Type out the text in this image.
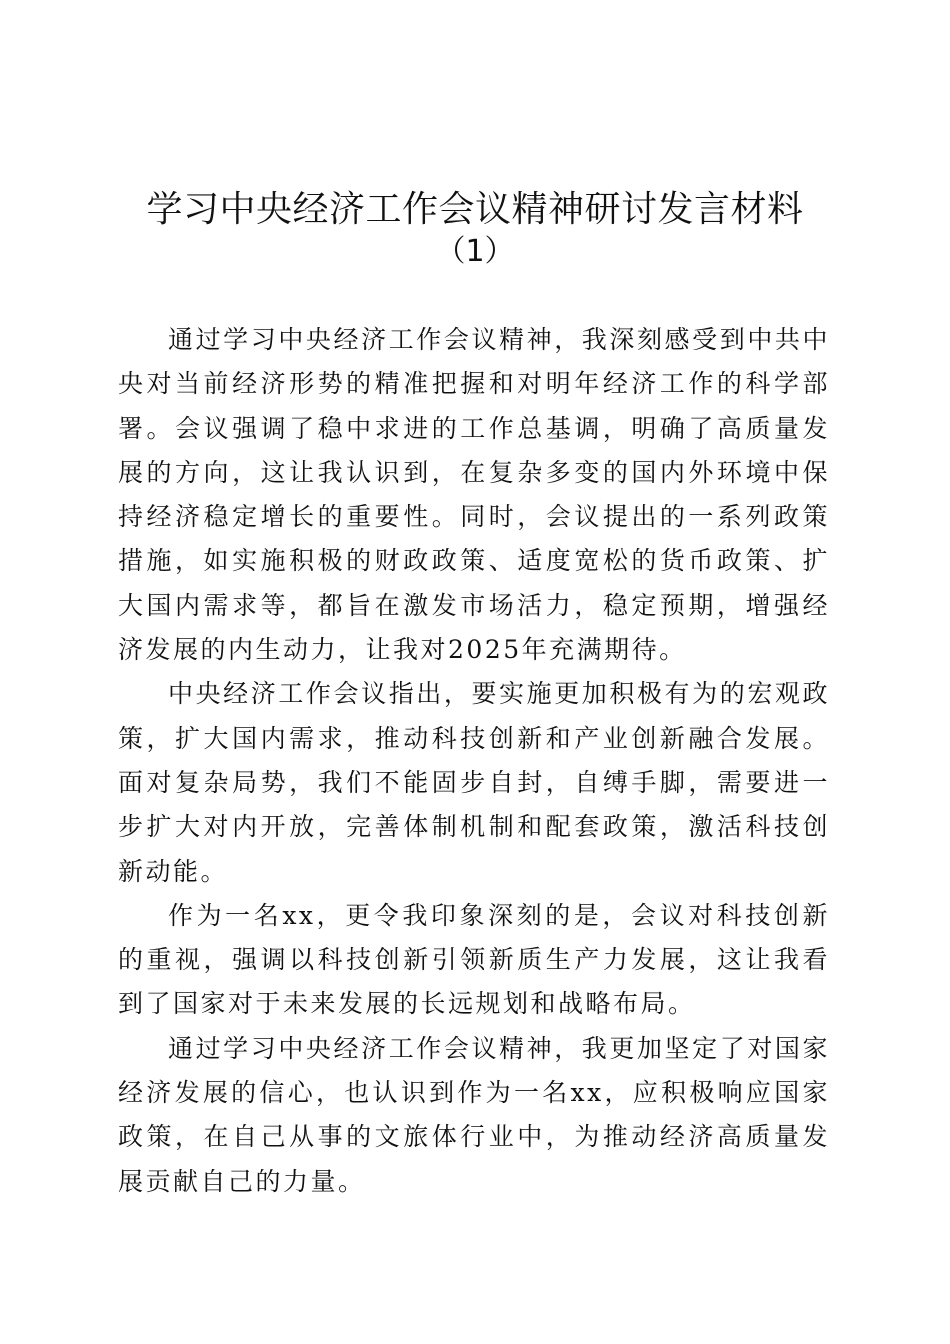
学习中央经济工作会议精神研讨发言材料
（1）

通过学习中央经济工作会议精神，我深刻感受到中共中央对当前经济形势的精准把握和对明年经济工作的科学部署。会议强调了稳中求进的工作总基调，明确了高质量发展的方向，这让我认识到，在复杂多变的国内外环境中保持经济稳定增长的重要性。同时，会议提出的一系列政策措施，如实施积极的财政政策、适度宽松的货币政策、扩大国内需求等，都旨在激发市场活力，稳定预期，增强经济发展的内生动力，让我对2025年充满期待。

中央经济工作会议指出，要实施更加积极有为的宏观政策，扩大国内需求，推动科技创新和产业创新融合发展。面对复杂局势，我们不能固步自封，自缚手脚，需要进一步扩大对内开放，完善体制机制和配套政策，激活科技创新动能。

作为一名xx，更令我印象深刻的是，会议对科技创新的重视，强调以科技创新引领新质生产力发展，这让我看到了国家对于未来发展的长远规划和战略布局。

通过学习中央经济工作会议精神，我更加坚定了对国家经济发展的信心，也认识到作为一名xx，应积极响应国家政策，在自己从事的文旅体行业中，为推动经济高质量发展贡献自己的力量。
